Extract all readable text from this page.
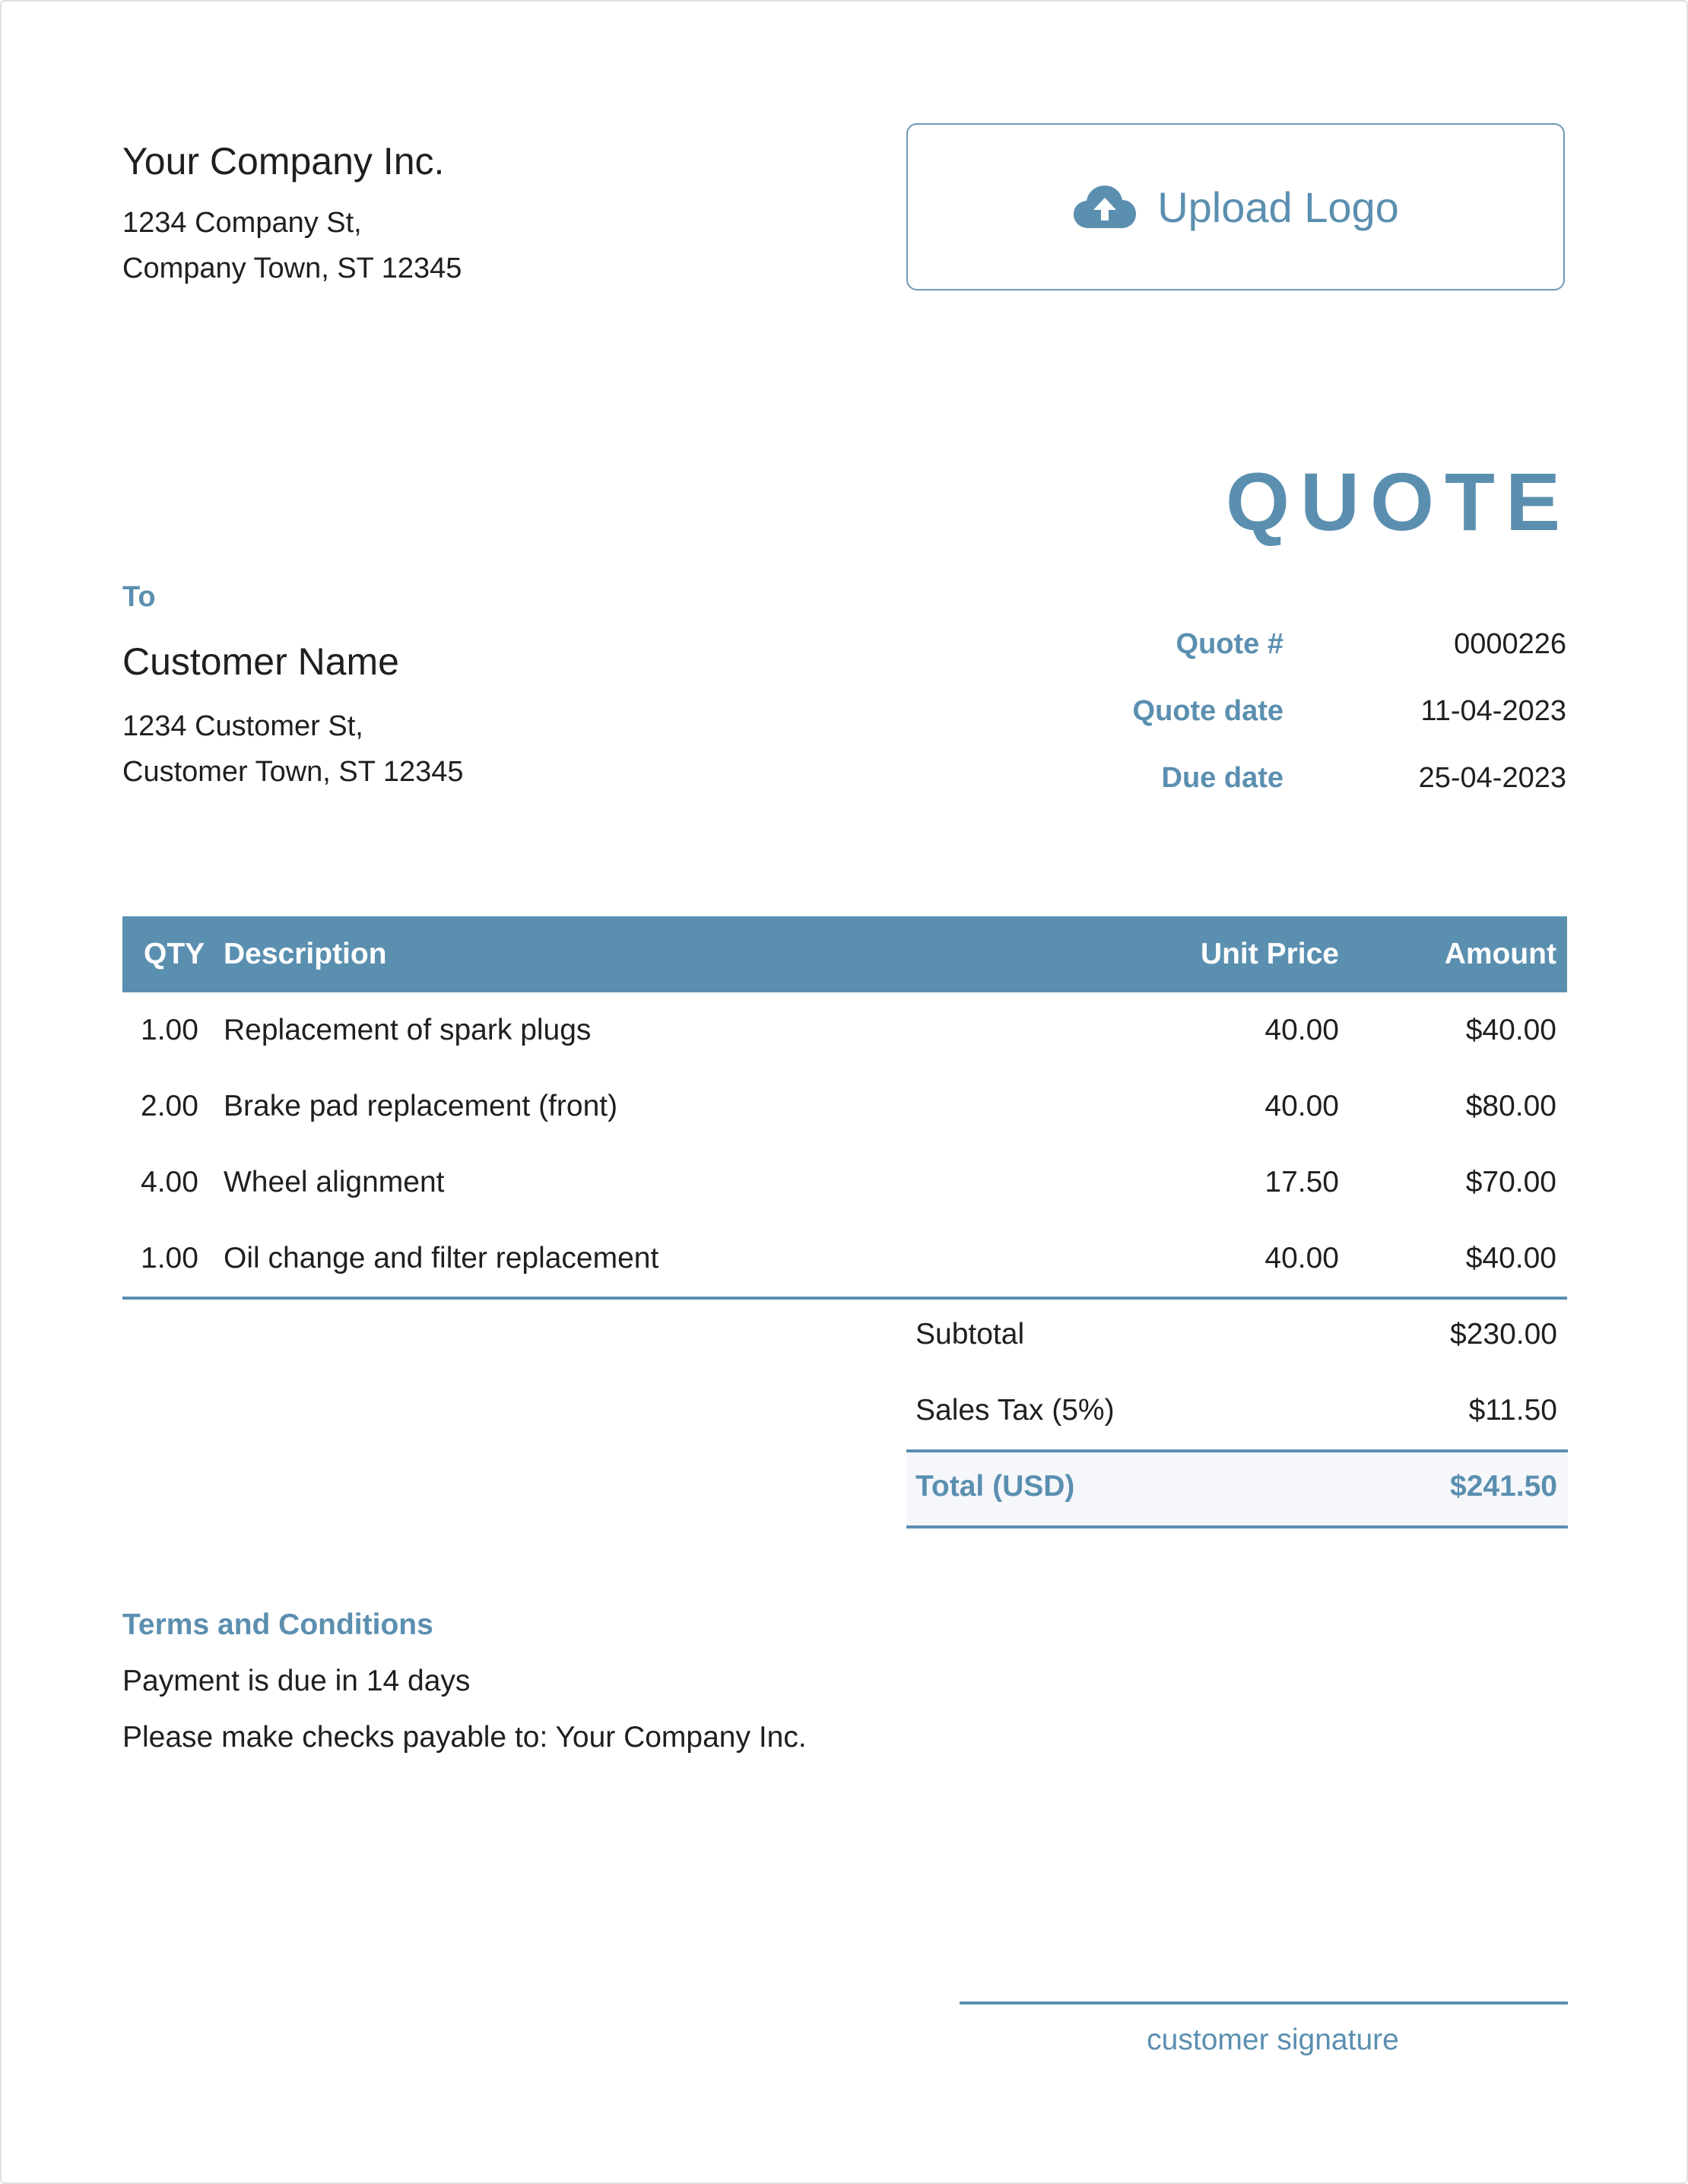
Your Company Inc.
1234 Company St,
Company Town, ST 12345
Upload Logo
QUOTE
To
Customer Name
1234 Customer St,
Customer Town, ST 12345
Quote #	0000226
Quote date	11-04-2023
Due date	25-04-2023
QTY Description	Unit Price	Amount
1.00 Replacement of spark plugs	40.00	$40.00
2.00 Brake pad replacement (front)	40.00	$80.00
4.00 Wheel alignment	17.50	$70.00
1.00 Oil change and filter replacement	40.00	$40.00
Subtotal	$230.00
Sales Tax (5%)	$11.50
Total (USD)	$241.50
Terms and Conditions
Payment is due in 14 days
Please make checks payable to: Your Company Inc.
customer signature
